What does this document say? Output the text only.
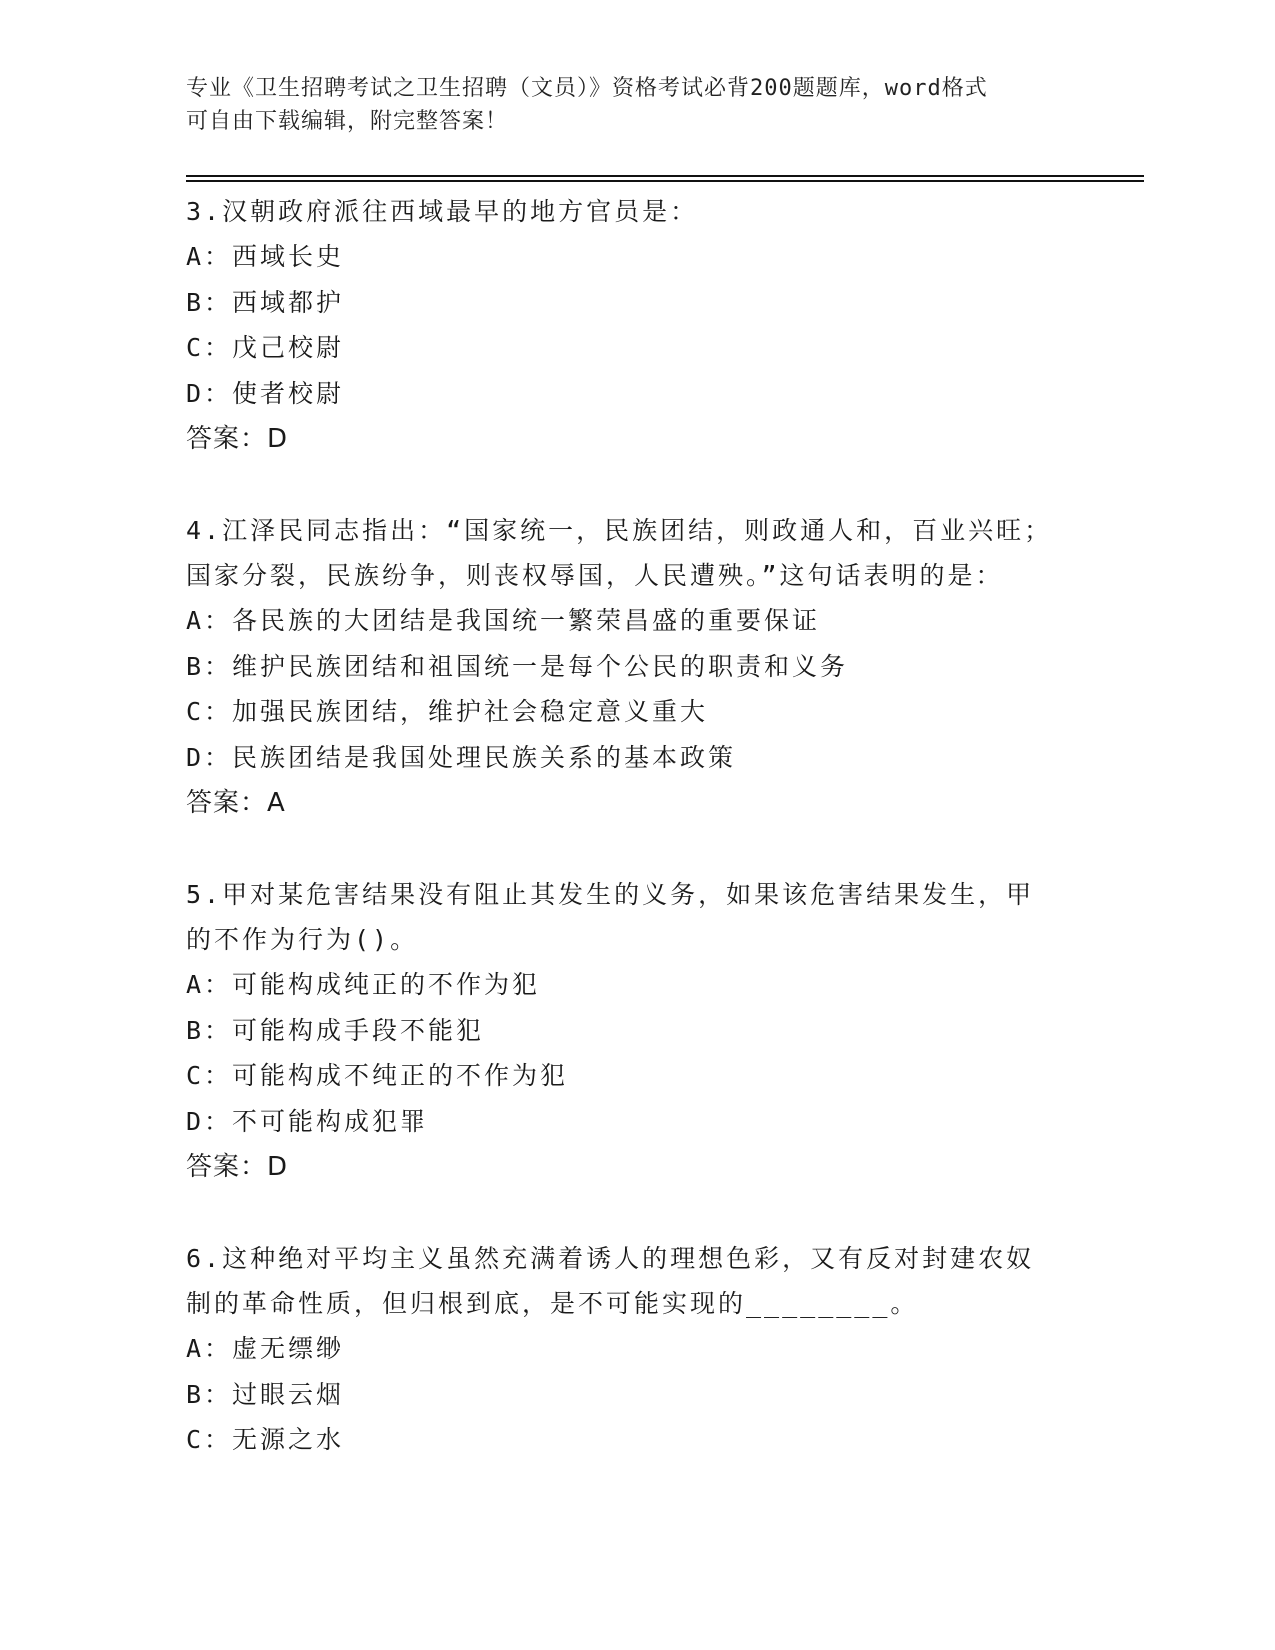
专业《卫生招聘考试之卫生招聘（文员）》资格考试必背200题题库，word格式
可自由下载编辑，附完整答案！
3.汉朝政府派往西域最早的地方官员是：
A：西域长史
B：西域都护
C：戊己校尉
D：使者校尉
答案：D
4.江泽民同志指出：“国家统一，民族团结，则政通人和，百业兴旺；
国家分裂，民族纷争，则丧权辱国，人民遭殃。”这句话表明的是：
A：各民族的大团结是我国统一繁荣昌盛的重要保证
B：维护民族团结和祖国统一是每个公民的职责和义务
C：加强民族团结，维护社会稳定意义重大
D：民族团结是我国处理民族关系的基本政策
答案：A
5.甲对某危害结果没有阻止其发生的义务，如果该危害结果发生，甲
的不作为行为()。
A：可能构成纯正的不作为犯
B：可能构成手段不能犯
C：可能构成不纯正的不作为犯
D：不可能构成犯罪
答案：D
6.这种绝对平均主义虽然充满着诱人的理想色彩，又有反对封建农奴
制的革命性质，但归根到底，是不可能实现的________。
A：虚无缥缈
B：过眼云烟
C：无源之水
